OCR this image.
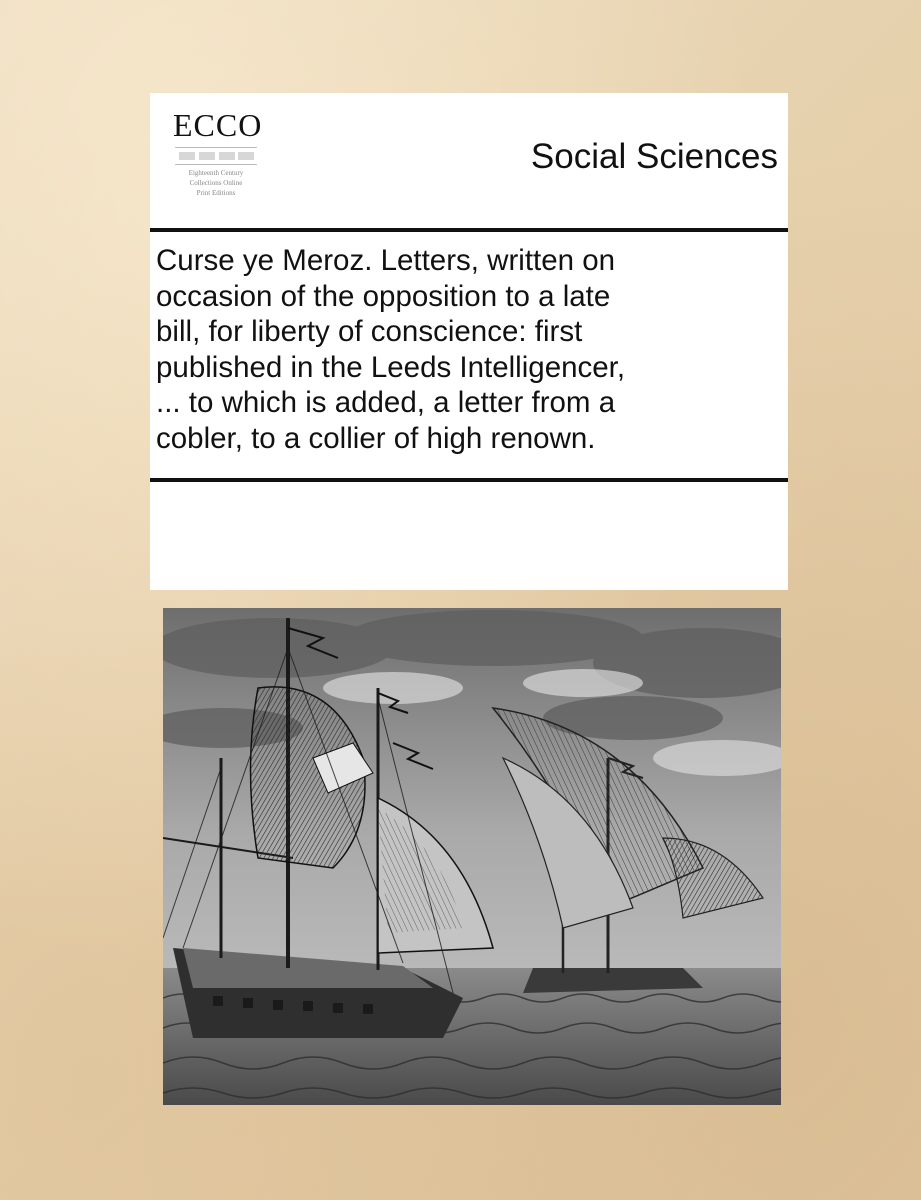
ECCO
Eighteenth Century
Collections Online
Print Editions
Social Sciences
Curse ye Meroz. Letters, written on
occasion of the opposition to a late
bill, for liberty of conscience: first
published in the Leeds Intelligencer,
... to which is added, a letter from a
cobler, to a collier of high renown.
